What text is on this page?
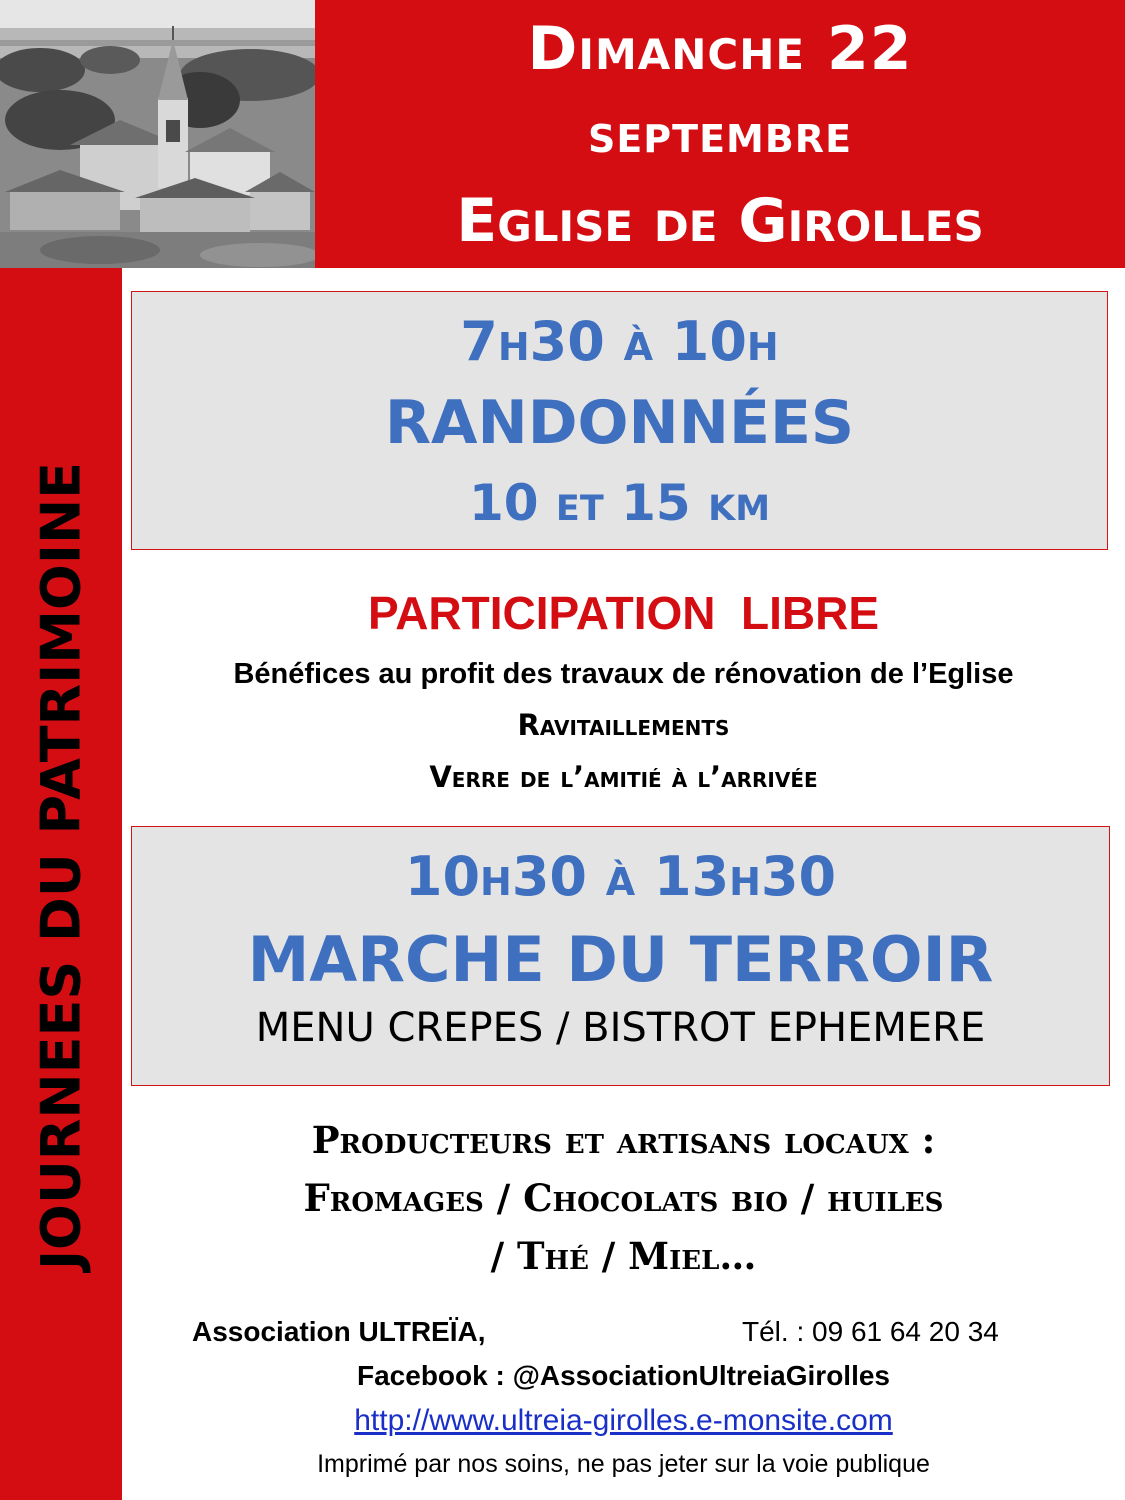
Dimanche 22
septembre
Eglise de Girolles
JOURNEES DU PATRIMOINE
7h30 à 10h
RANDONNÉES
10 et 15 km
PARTICIPATION  LIBRE
Bénéfices au profit des travaux de rénovation de l’Eglise
Ravitaillements
Verre de l’amitié à l’arrivée
10h30 à 13h30
MARCHE DU TERROIR
MENU CREPES / BISTROT EPHEMERE
Producteurs et artisans locaux :
Fromages / Chocolats bio / huiles
/ Thé / Miel…
Association ULTREÏA,	Tél. : 09 61 64 20 34
Facebook : @AssociationUltreiaGirolles
http://www.ultreia-girolles.e-monsite.com
Imprimé par nos soins, ne pas jeter sur la voie publique
